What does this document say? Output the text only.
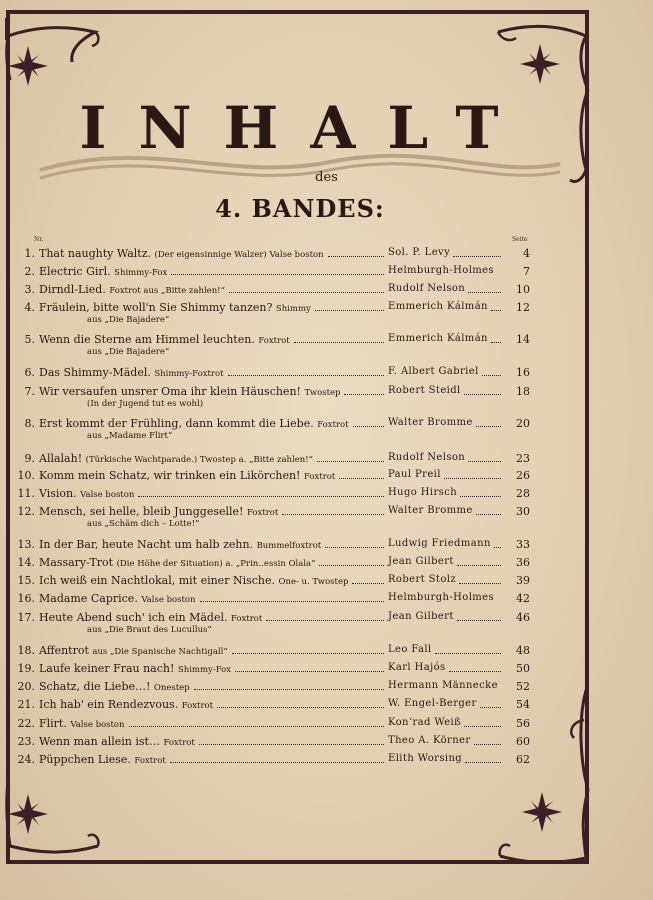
INHALT
des
4. BANDES:
Nr.	Seite
1. That naughty Waltz. (Der eigensinnige Walzer) Valse boston	Sol. P. Levy	4
2. Electric Girl. Shimmy-Fox	Helmburgh-Holmes	7
3. Dirndl-Lied. Foxtrot aus „Bitte zahlen!“	Rudolf Nelson	10
4. Fräulein, bitte woll'n Sie Shimmy tanzen? Shimmy	Emmerich Kálmán	12
aus „Die Bajadere“
5. Wenn die Sterne am Himmel leuchten. Foxtrot	Emmerich Kálmán	14
aus „Die Bajadere“
6. Das Shimmy-Mädel. Shimmy-Foxtrot	F. Albert Gabriel	16
7. Wir versaufen unsrer Oma ihr klein Häuschen! Twostep	Robert Steidl	18
(In der Jugend tut es wohl)
8. Erst kommt der Frühling, dann kommt die Liebe. Foxtrot	Walter Bromme	20
aus „Madame Flirt“
9. Allalah! (Türkische Wachtparade.) Twostep a. „Bitte zahlen!“	Rudolf Nelson	23
10. Komm mein Schatz, wir trinken ein Likörchen! Foxtrot	Paul Preil	26
11. Vision. Valse boston	Hugo Hirsch	28
12. Mensch, sei helle, bleib Junggeselle! Foxtrot	Walter Bromme	30
aus „Schäm dich – Lotte!“
13. In der Bar, heute Nacht um halb zehn. Bummelfoxtrot	Ludwig Friedmann	33
14. Massary-Trot (Die Höhe der Situation) a. „Prin‥essin Olala“	Jean Gilbert	36
15. Ich weiß ein Nachtlokal, mit einer Nische. One- u. Twostep	Robert Stolz	39
16. Madame Caprice. Valse boston	Helmburgh-Holmes	42
17. Heute Abend such' ich ein Mädel. Foxtrot	Jean Gilbert	46
aus „Die Braut des Lucullus“
18. Affentrot aus „Die Spanische Nachtigall“	Leo Fall	48
19. Laufe keiner Frau nach! Shimmy-Fox	Karl Hajós	50
20. Schatz, die Liebe…! Onestep	Hermann Männecke	52
21. Ich hab' ein Rendezvous. Foxtrot	W. Engel-Berger	54
22. Flirt. Valse boston	Konʼrad Weiß	56
23. Wenn man allein ist… Foxtrot	Theo A. Körner	60
24. Püppchen Liese. Foxtrot	Elith Worsing	62
